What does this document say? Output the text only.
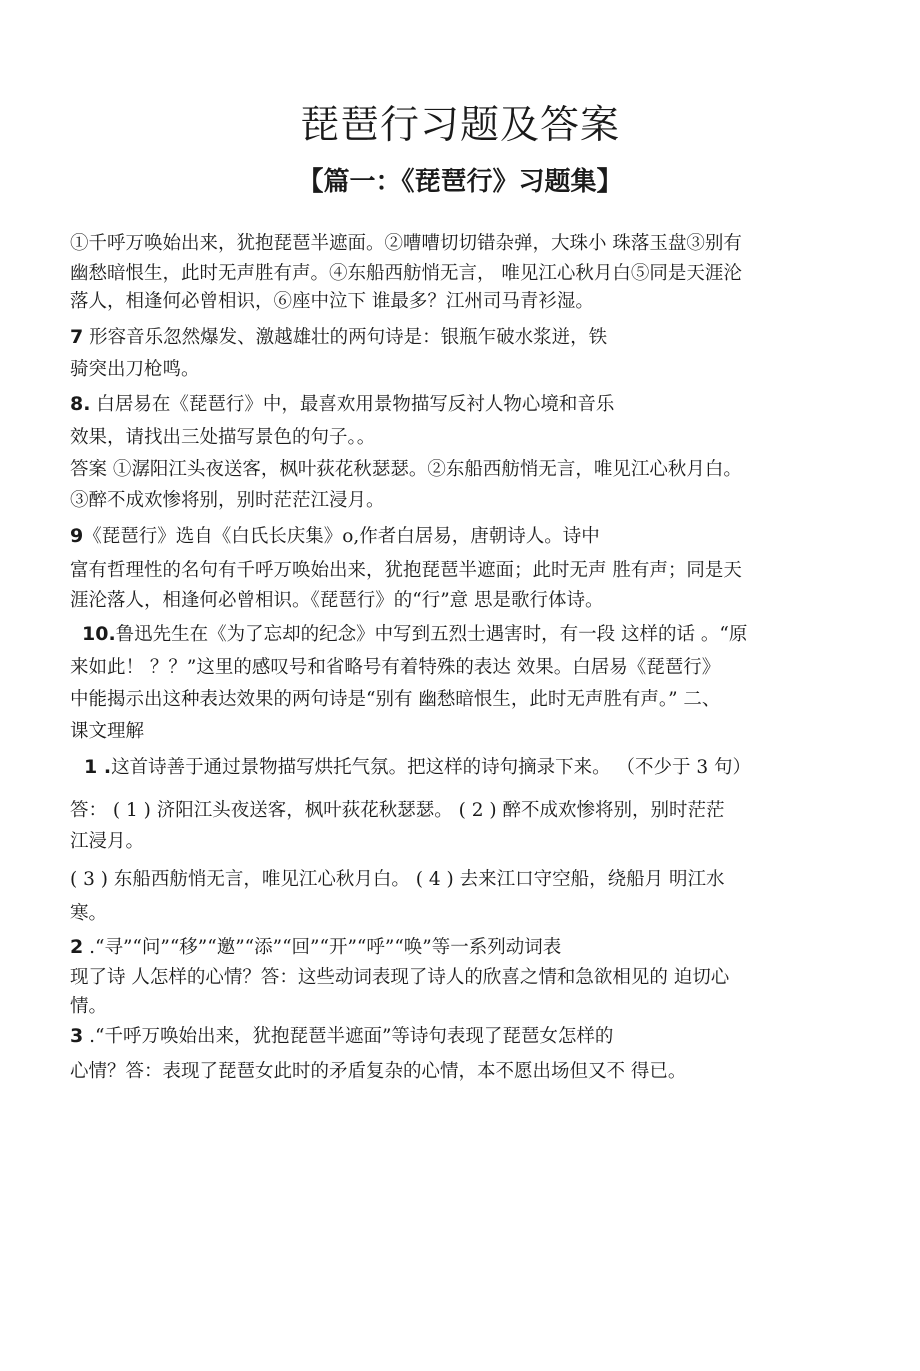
琵琶行习题及答案
【篇一：《琵琶行》习题集】
①千呼万唤始出来，犹抱琵琶半遮面。②嘈嘈切切错杂弹，大珠小 珠落玉盘③别有
幽愁暗恨生，此时无声胜有声。④东船西舫悄无言， 唯见江心秋月白⑤同是天涯沦
落人，相逢何必曾相识，⑥座中泣下 谁最多？江州司马青衫湿。
7 形容音乐忽然爆发、激越雄壮的两句诗是：银瓶乍破水浆迸，铁
骑突出刀枪鸣。
8. 白居易在《琵琶行》中，最喜欢用景物描写反衬人物心境和音乐
效果，请找出三处描写景色的句子。。
答案 ①潺阳江头夜送客，枫叶荻花秋瑟瑟。②东船西舫悄无言，唯见江心秋月白。
③醉不成欢惨将别，别时茫茫江浸月。
9《琵琶行》选自《白氏长庆集》o,作者白居易，唐朝诗人。诗中
富有哲理性的名句有千呼万唤始出来，犹抱琵琶半遮面；此时无声 胜有声；同是天
涯沦落人，相逢何必曾相识。《琵琶行》的“行”意 思是歌行体诗。
10.鲁迅先生在《为了忘却的纪念》中写到五烈士遇害时，有一段 这样的话 。“原
来如此！ ？？”这里的感叹号和省略号有着特殊的表达 效果。白居易《琵琶行》
中能揭示出这种表达效果的两句诗是“别有 幽愁暗恨生，此时无声胜有声。” 二、
课文理解
1 .这首诗善于通过景物描写烘托气氛。把这样的诗句摘录下来。 （不少于 3 句）
答： ( 1 ) 济阳江头夜送客，枫叶荻花秋瑟瑟。 ( 2 ) 醉不成欢惨将别，别时茫茫
江浸月。
( 3 ) 东船西舫悄无言，唯见江心秋月白。 ( 4 ) 去来江口守空船，绕船月 明江水
寒。
2 .“寻”“问”“移”“邀”“添”“回”“开”“呼”“唤”等一系列动词表
现了诗 人怎样的心情？答：这些动词表现了诗人的欣喜之情和急欲相见的 迫切心
情。
3 .“千呼万唤始出来，犹抱琵琶半遮面”等诗句表现了琵琶女怎样的
心情？答：表现了琵琶女此时的矛盾复杂的心情，本不愿出场但又不 得已。
